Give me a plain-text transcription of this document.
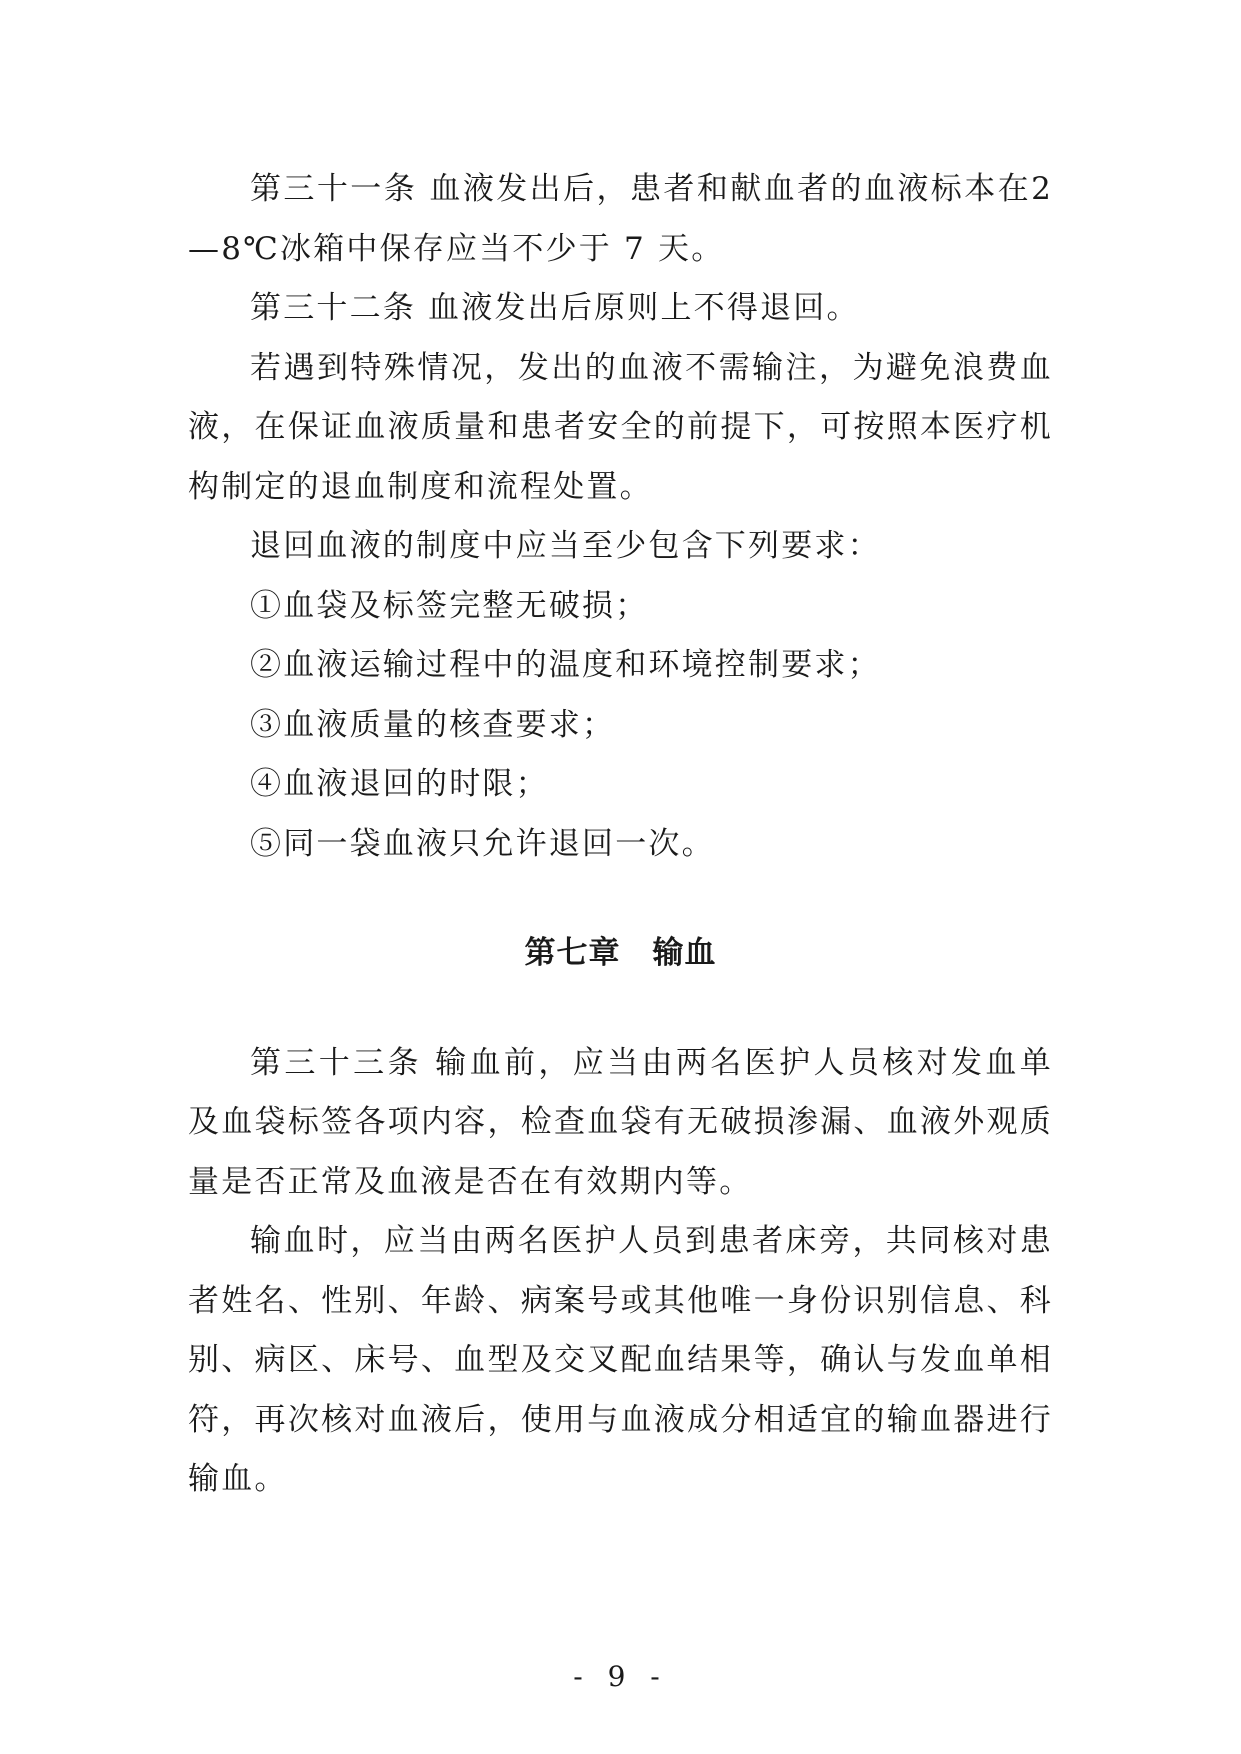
第三十一条 血液发出后，患者和献血者的血液标本在2—8℃冰箱中保存应当不少于 7 天。

第三十二条 血液发出后原则上不得退回。

若遇到特殊情况，发出的血液不需输注，为避免浪费血液，在保证血液质量和患者安全的前提下，可按照本医疗机构制定的退血制度和流程处置。

退回血液的制度中应当至少包含下列要求：

①血袋及标签完整无破损；

②血液运输过程中的温度和环境控制要求；

③血液质量的核查要求；

④血液退回的时限；

⑤同一袋血液只允许退回一次。

第七章　输血

第三十三条 输血前，应当由两名医护人员核对发血单及血袋标签各项内容，检查血袋有无破损渗漏、血液外观质量是否正常及血液是否在有效期内等。

输血时，应当由两名医护人员到患者床旁，共同核对患者姓名、性别、年龄、病案号或其他唯一身份识别信息、科别、病区、床号、血型及交叉配血结果等，确认与发血单相符，再次核对血液后，使用与血液成分相适宜的输血器进行输血。

- 9 -
